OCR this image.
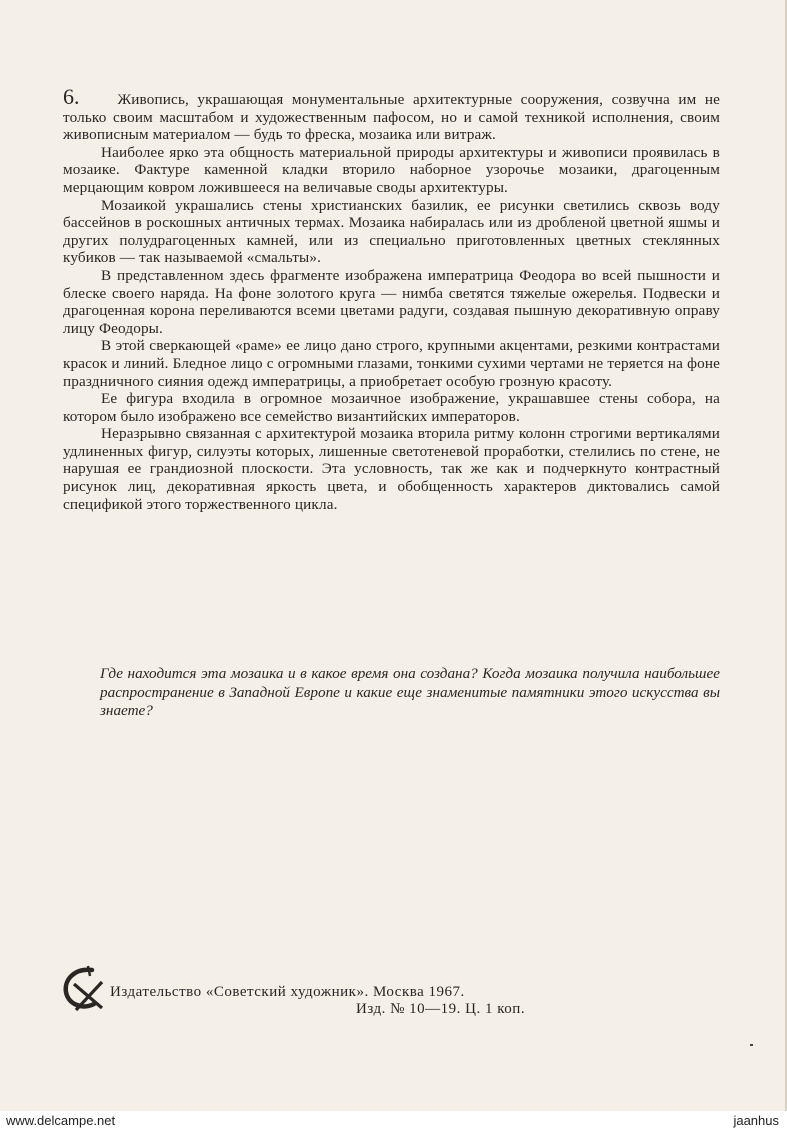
6.	Живопись, украшающая монументальные архитектурные сооружения, созвучна им не только своим масштабом и художественным пафосом, но и самой техникой исполнения, своим живописным материалом — будь то фреска, мозаика или витраж.

Наиболее ярко эта общность материальной природы архитектуры и живописи проявилась в мозаике. Фактуре каменной кладки вторило наборное узорочье мозаики, драгоценным мерцающим ковром ложившееся на величавые своды архитектуры.

Мозаикой украшались стены христианских базилик, ее рисунки светились сквозь воду бассейнов в роскошных античных термах. Мозаика набиралась или из дробленой цветной яшмы и других полудрагоценных камней, или из специально приготовленных цветных стеклянных кубиков — так называемой «смальты».

В представленном здесь фрагменте изображена императрица Феодора во всей пышности и блеске своего наряда. На фоне золотого круга — нимба светятся тяжелые ожерелья. Подвески и драгоценная корона переливаются всеми цветами радуги, создавая пышную декоративную оправу лицу Феодоры.

В этой сверкающей «раме» ее лицо дано строго, крупными акцентами, резкими контрастами красок и линий. Бледное лицо с огромными глазами, тонкими сухими чертами не теряется на фоне праздничного сияния одежд императрицы, а приобретает особую грозную красоту.

Ее фигура входила в огромное мозаичное изображение, украшавшее стены собора, на котором было изображено все семейство византийских императоров.

Неразрывно связанная с архитектурой мозаика вторила ритму колонн строгими вертикалями удлиненных фигур, силуэты которых, лишенные светотеневой проработки, стелились по стене, не нарушая ее грандиозной плоскости. Эта условность, так же как и подчеркнуто контрастный рисунок лиц, декоративная яркость цвета, и обобщенность характеров диктовались самой спецификой этого торжественного цикла.

Где находится эта мозаика и в какое время она создана? Когда мозаика получила наибольшее распространение в Западной Европе и какие еще знаменитые памятники этого искусства вы знаете?
Издательство «Советский художник». Москва 1967.
Изд. № 10—19. Ц. 1 коп.
www.delcampe.net	jaanhus
